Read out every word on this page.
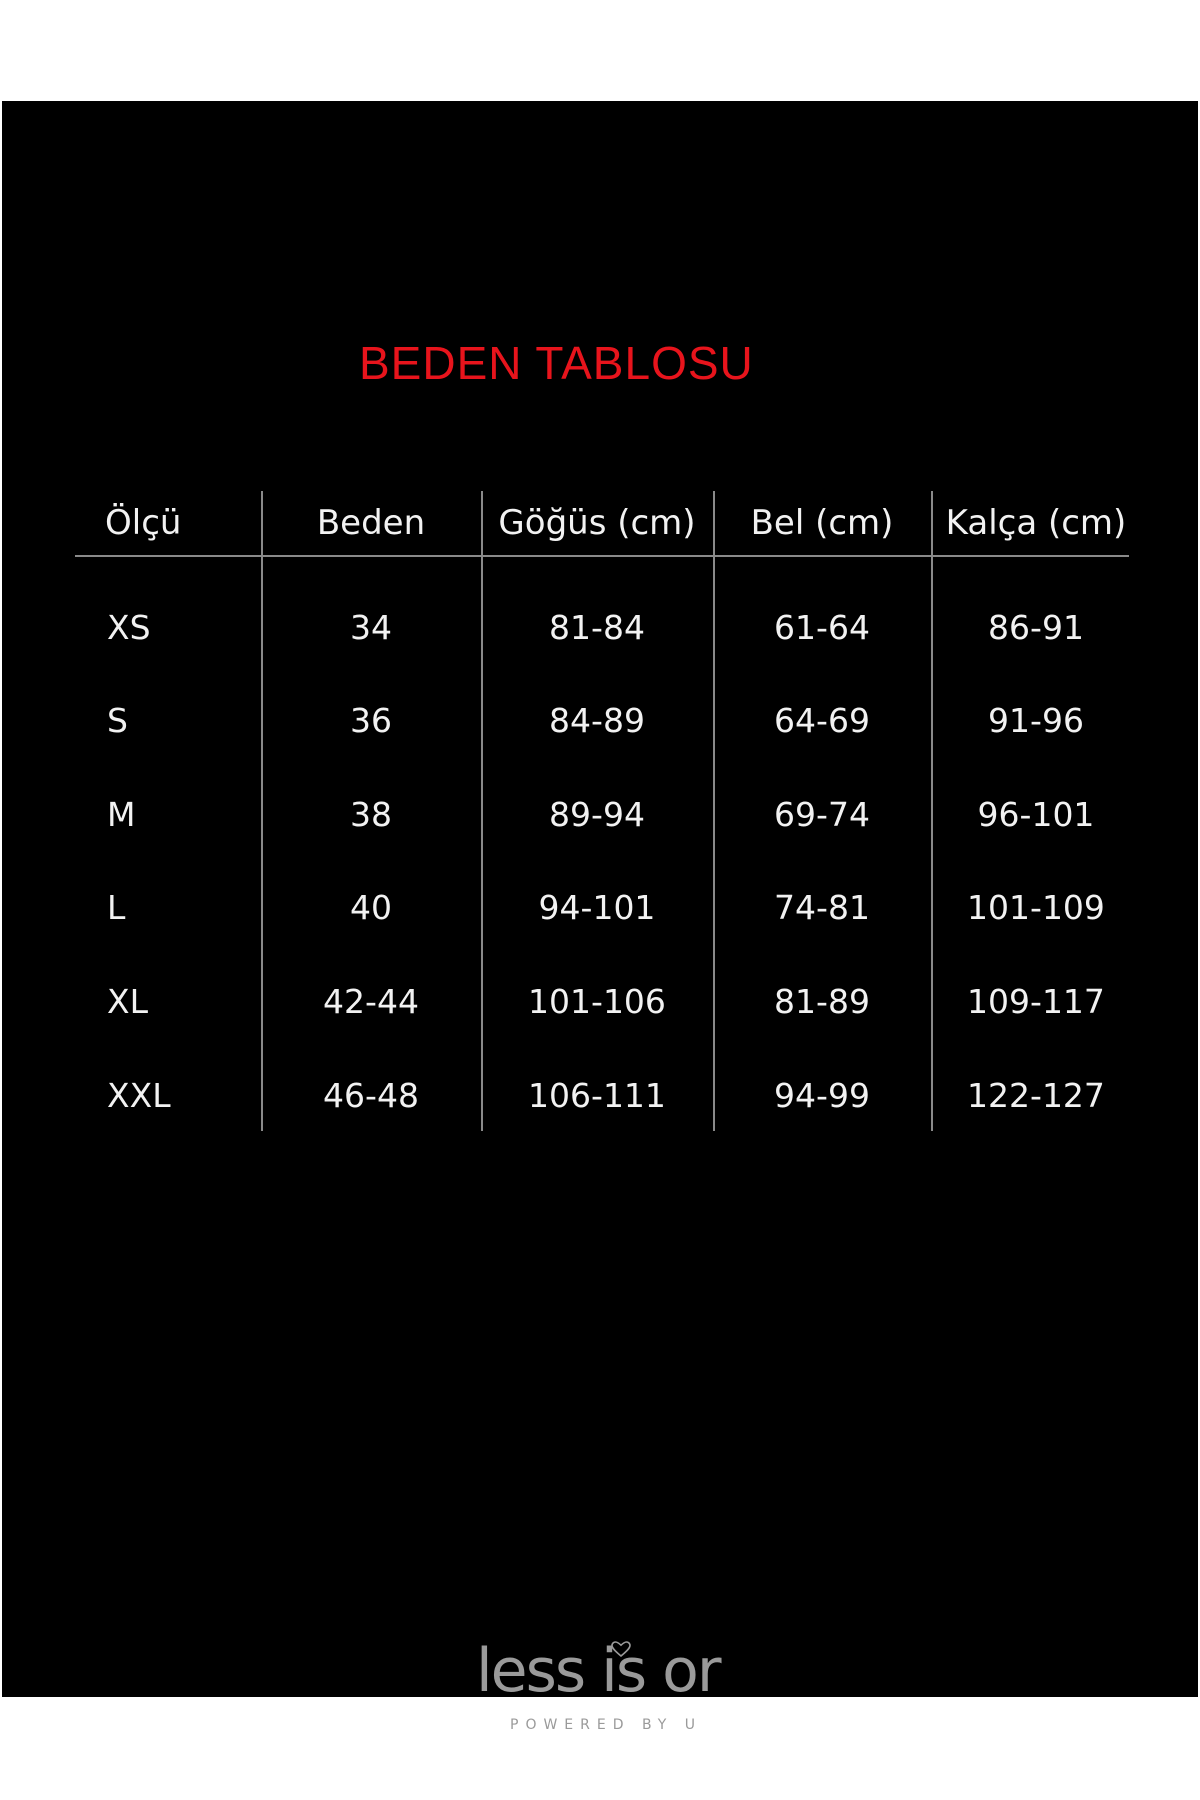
BEDEN TABLOSU
Ölçü	Beden	Göğüs (cm)	Bel (cm)	Kalça (cm)
XS	34	81-84	61-64	86-91
S	36	84-89	64-69	91-96
M	38	89-94	69-74	96-101
L	40	94-101	74-81	101-109
XL	42-44	101-106	81-89	109-117
XXL	46-48	106-111	94-99	122-127
less is or
POWERED BY U
